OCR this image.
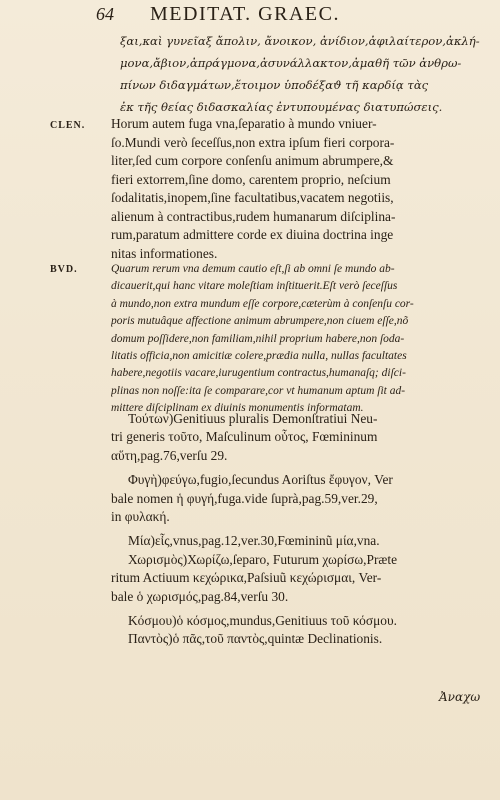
64 MEDITAT. GRAEC.
ξαι,καὶ γυνεῖαξ ἄπολιν, ἄνοικον, ἀνίδιον,ἀφιλαίτερον,ἀκλή-
μονα,ἄβιον,ἀπράγμονα,ἀσυνάλλακτον,ἀμαθῆ τῶν ἀνθρω-
πίνων διδαγμάτων,ἕτοιμον ὑποδέξαϑ τῆ καρδίᾳ τὰς
ἐκ τῆς θείας διδασκαλίας ἐντυπουμένας διατυπώσεις.
CLEN. Horum autem fuga vna,ſeparatio à mundo vniuer-
ſo.Mundi verò ſeceſſus,non extra ipſum fieri corpora-
liter,ſed cum corpore conſenſu animum abrumpere,&
fieri extorrem,ſine domo, carentem proprio, neſcium
ſodalitatis,inopem,ſine facultatibus,vacatem negotiis,
alienum à contractibus,rudem humanarum diſciplina-
rum,paratum admittere corde ex diuina doctrina inge
nitas informationes.
BVD.	Quarum rerum vna demum cautio eſt,ſi ab omni ſe mundo ab-
dicauerit,qui hanc vitare moleſtiam inſtituerit.Eſt verò ſeceſſus
à mundo,non extra mundum eſſe corpore,cæterùm à conſenſu cor-
poris mutuâque affectione animum abrumpere,non ciuem eſſe,nõ
domum poſſidere,non familiam,nihil proprium habere,non ſoda-
litatis officia,non amicitiæ colere,prædia nulla, nullas facultates
habere,negotiis vacare,iurugentium contractus,humanaſq; diſci-
plinas non noſſe:ita ſe comparare,cor vt humanum aptum ſit ad-
mittere diſciplinam ex diuinis monumentis informatam.
Τούτων)Genitiuus pluralis Demonſtratiui Neu-
tri generis τοῦτο, Maſculinum οὗτος, Fœmininum
αὕτη,pag.76,verſu 29.
Φυγὴ)φεύγω,fugio,ſecundus Aoriſtus ἔφυγον, Ver
bale nomen ἡ φυγή,fuga.vide ſuprà,pag.59,ver.29,
in φυλακή.
Μία)εἷς,vnus,pag.12,ver.30,Fœmininũ μία,vna.
Χωρισμὸς)Χωρίζω,ſeparo, Futurum χωρίσω,Præte
ritum Actiuum κεχώρικα,Paſsiuũ κεχώρισμαι, Ver-
bale ὁ χωρισμός,pag.84,verſu 30.
Κόσμου)ὁ κόσμος,mundus,Genitiuus τοῦ κόσμου.
Παντὸς)ὁ πᾶς,τοῦ παντὸς,quintæ Declinationis.
Ἀναχω
